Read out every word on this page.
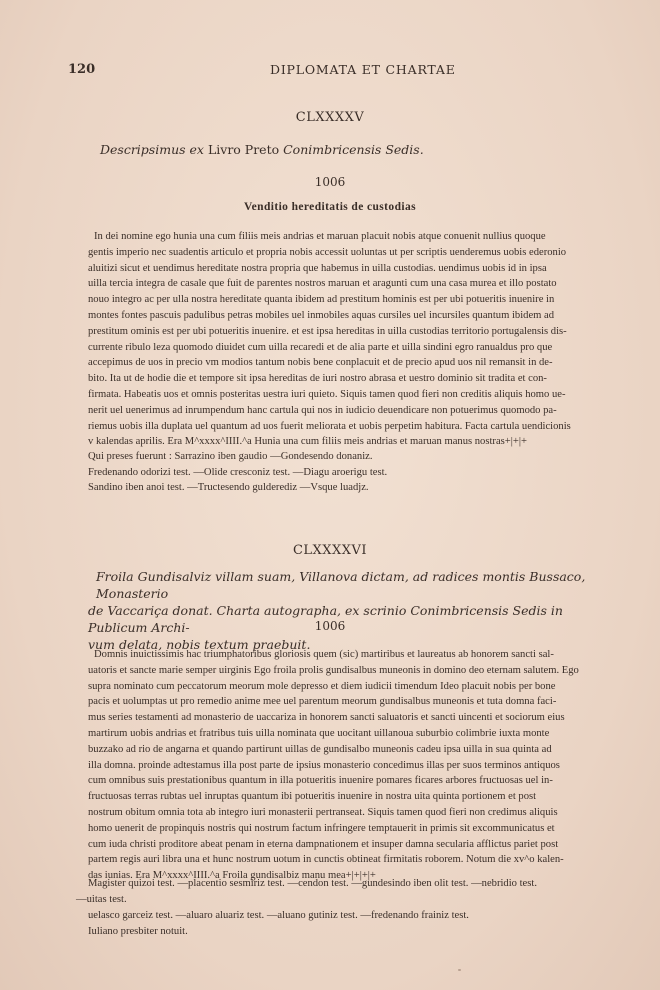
120	DIPLOMATA ET CHARTAE
CLXXXXV
Descripsimus ex Livro Preto Conimbricensis Sedis.
1006
Venditio hereditatis de custodias
In dei nomine ego hunia una cum filiis meis andrias et maruan placuit nobis atque conuenit nullius quoque
gentis imperio nec suadentis articulo et propria nobis accessit uoluntas ut per scriptis uenderemus uobis ederonio
aluitizi sicut et uendimus hereditate nostra propria que habemus in uilla custodias. uendimus uobis id in ipsa
uilla tercia integra de casale que fuit de parentes nostros maruan et aragunti cum una casa murea et illo postato
nouo integro ac per ulla nostra hereditate quanta ibidem ad prestitum hominis est per ubi potueritis inuenire in
montes fontes pascuis padulibus petras mobiles uel inmobiles aquas cursiles uel incursiles quantum ibidem ad
prestitum ominis est per ubi potueritis inuenire. et est ipsa hereditas in uilla custodias territorio portugalensis dis-
currente ribulo leza quomodo diuidet cum uilla recaredi et de alia parte et uilla sindini egro ranualdus pro que
accepimus de uos in precio vm modios tantum nobis bene conplacuit et de precio apud uos nil remansit in de-
bito. Ita ut de hodie die et tempore sit ipsa hereditas de iuri nostro abrasa et uestro dominio sit tradita et con-
firmata. Habeatis uos et omnis posteritas uestra iuri quieto. Siquis tamen quod fieri non creditis aliquis homo ue-
nerit uel uenerimus ad inrumpendum hanc cartula qui nos in iudicio deuendicare non potuerimus quomodo pa-
riemus uobis illa duplata uel quantum ad uos fuerit meliorata et uobis perpetim habitura. Facta cartula uendicionis
v kalendas aprilis. Era M^xxxx^IIII.^a Hunia una cum filiis meis andrias et maruan manus nostras+|+|+
Qui preses fuerunt : Sarrazino iben gaudio —Gondesendo donaniz.
Fredenando odorizi test. —Olide cresconiz test. —Diagu aroerigu test.
Sandino iben anoi test. —Tructesendo gulderediz —Vsque luadjz.
CLXXXXVI
Froila Gundisalviz villam suam, Villanova dictam, ad radices montis Bussaco, Monasterio
de Vaccariça donat. Charta autographa, ex scrinio Conimbricensis Sedis in Publicum Archi-
vum delata, nobis textum praebuit.
1006
Domnis inuictissimis hac triumphatoribus gloriosis quem (sic) martiribus et laureatus ab honorem sancti sal-
uatoris et sancte marie semper uirginis Ego froila prolis gundisalbus muneonis in domino deo eternam salutem. Ego
supra nominato cum peccatorum meorum mole depresso et diem iudicii timendum Ideo placuit nobis per bone
pacis et uolumptas ut pro remedio anime mee uel parentum meorum gundisalbus muneonis et tuta domna faci-
mus series testamenti ad monasterio de uaccariza in honorem sancti saluatoris et sancti uincenti et sociorum eius
martirum uobis andrias et fratribus tuis uilla nominata que uocitant uillanoua suburbio colimbrie iuxta monte
buzzako ad rio de angarna et quando partirunt uillas de gundisalbo muneonis cadeu ipsa uilla in sua quinta ad
illa domna. proinde adtestamus illa post parte de ipsius monasterio concedimus illas per suos terminos antiquos
cum omnibus suis prestationibus quantum in illa potueritis inuenire pomares ficares arbores fructuosas uel in-
fructuosas terras rubtas uel inruptas quantum ibi potueritis inuenire in nostra uita quinta portionem et post
nostrum obitum omnia tota ab integro iuri monasterii pertranseat. Siquis tamen quod fieri non credimus aliquis
homo uenerit de propinquis nostris qui nostrum factum infringere temptauerit in primis sit excommunicatus et
cum iuda christi proditore abeat penam in eterna dampnationem et insuper damna secularia afflictus pariet post
partem regis auri libra una et hunc nostrum uotum in cunctis obtineat firmitatis roborem. Notum die xv^o kalen-
das iunias. Era M^xxxx^IIII.^a Froila gundisalbiz manu mea+|+|+|+
Magister quizoi test. —placentio sesmiriz test. —cendon test. —gundesindo iben olit test. —nebridio test.
—uitas test.
uelasco garceiz test. —aluaro aluariz test. —aluano gutiniz test. —fredenando frainiz test.
Iuliano presbiter notuit.
